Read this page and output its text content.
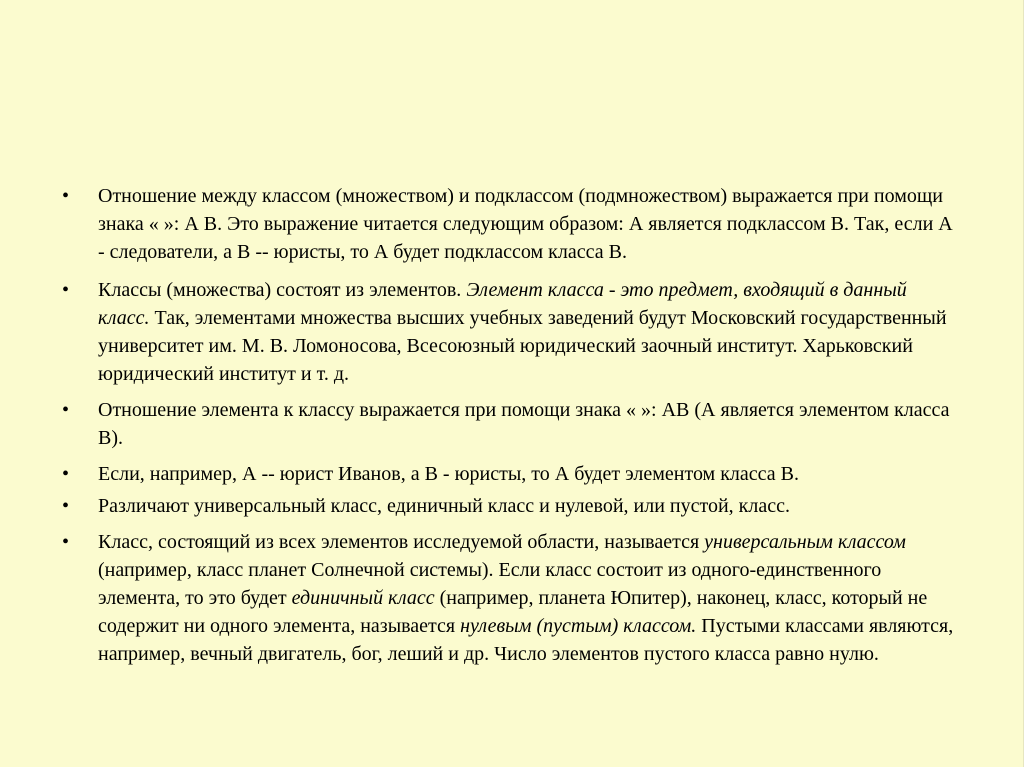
•	Отношение между классом (множеством) и подклассом (подмножеством) выражается при помощи знака « »: А В. Это выражение читается следующим образом: А является подклассом В. Так, если А - следователи, а В -- юристы, то А будет подклассом класса В.
•	Классы (множества) состоят из элементов. Элемент класса - это предмет, входящий в данный класс. Так, элементами множества высших учебных заведений будут Московский государственный университет им. М. В. Ломоносова, Всесоюзный юридический заочный институт. Харьковский юридический институт и т. д.
•	Отношение элемента к классу выражается при помощи знака « »: АВ (А является элементом класса В).
•	Если, например, А -- юрист Иванов, а В - юристы, то А будет элементом класса В.
•	Различают универсальный класс, единичный класс и нулевой, или пустой, класс.
•	Класс, состоящий из всех элементов исследуемой области, называется универсальным классом (например, класс планет Солнечной системы). Если класс состоит из одного-единственного элемента, то это будет единичный класс (например, планета Юпитер), наконец, класс, который не содержит ни одного элемента, называется нулевым (пустым) классом. Пустыми классами являются, например, вечный двигатель, бог, леший и др. Число элементов пустого класса равно нулю.
